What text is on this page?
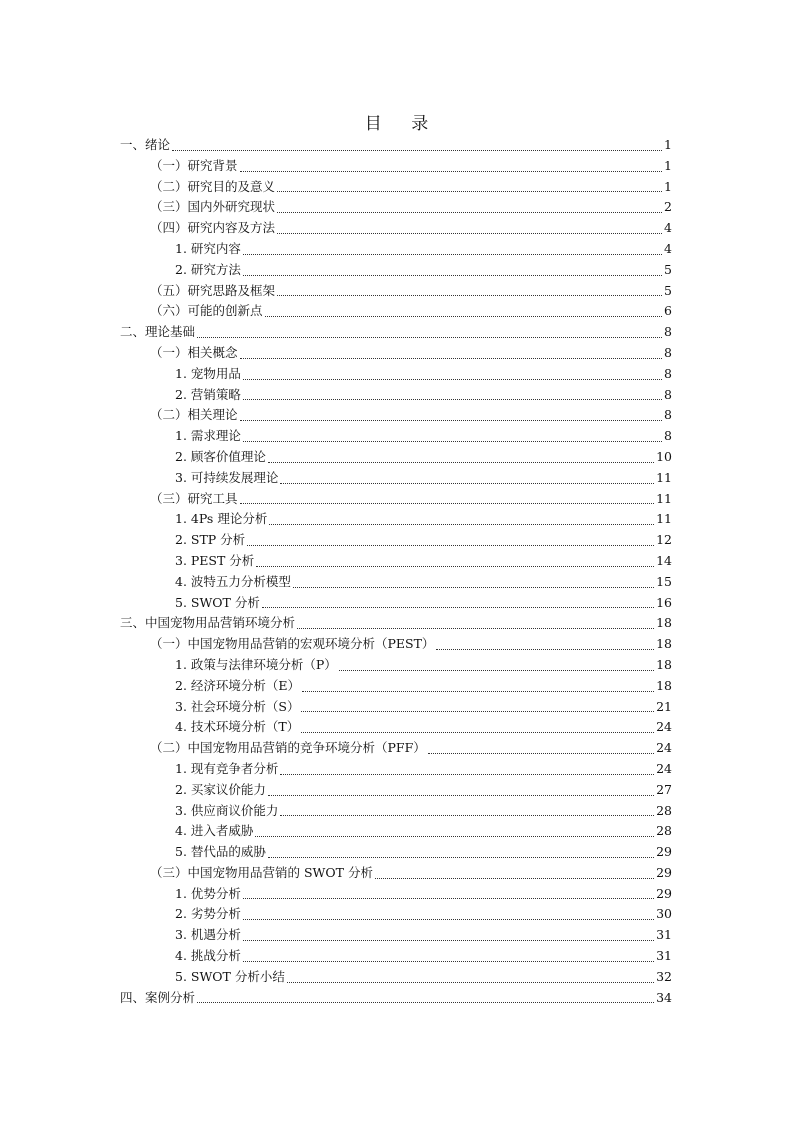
目 录
一、绪论	1
（一）研究背景	1
（二）研究目的及意义	1
（三）国内外研究现状	2
（四）研究内容及方法	4
1. 研究内容	4
2. 研究方法	5
（五）研究思路及框架	5
（六）可能的创新点	6
二、理论基础	8
（一）相关概念	8
1. 宠物用品	8
2. 营销策略	8
（二）相关理论	8
1. 需求理论	8
2. 顾客价值理论	10
3. 可持续发展理论	11
（三）研究工具	11
1. 4Ps 理论分析	11
2. STP 分析	12
3. PEST 分析	14
4. 波特五力分析模型	15
5. SWOT 分析	16
三、中国宠物用品营销环境分析	18
（一）中国宠物用品营销的宏观环境分析（PEST）	18
1. 政策与法律环境分析（P）	18
2. 经济环境分析（E）	18
3. 社会环境分析（S）	21
4. 技术环境分析（T）	24
（二）中国宠物用品营销的竞争环境分析（PFF）	24
1. 现有竞争者分析	24
2. 买家议价能力	27
3. 供应商议价能力	28
4. 进入者威胁	28
5. 替代品的威胁	29
（三）中国宠物用品营销的 SWOT 分析	29
1. 优势分析	29
2. 劣势分析	30
3. 机遇分析	31
4. 挑战分析	31
5. SWOT 分析小结	32
四、案例分析	34
